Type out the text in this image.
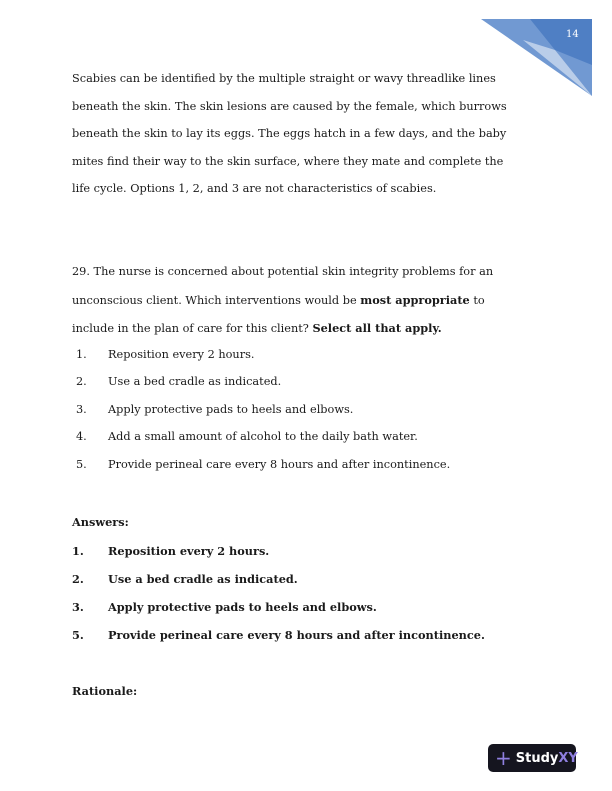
14
Scabies can be identified by the multiple straight or wavy threadlike lines
beneath the skin. The skin lesions are caused by the female, which burrows
beneath the skin to lay its eggs. The eggs hatch in a few days, and the baby
mites find their way to the skin surface, where they mate and complete the
life cycle. Options 1, 2, and 3 are not characteristics of scabies.
29. The nurse is concerned about potential skin integrity problems for an
unconscious client. Which interventions would be most appropriate to
include in the plan of care for this client? Select all that apply.
1. Reposition every 2 hours.
2. Use a bed cradle as indicated.
3. Apply protective pads to heels and elbows.
4. Add a small amount of alcohol to the daily bath water.
5. Provide perineal care every 8 hours and after incontinence.
Answers:
1. Reposition every 2 hours.
2. Use a bed cradle as indicated.
3. Apply protective pads to heels and elbows.
5. Provide perineal care every 8 hours and after incontinence.
Rationale:
+ Study XY
